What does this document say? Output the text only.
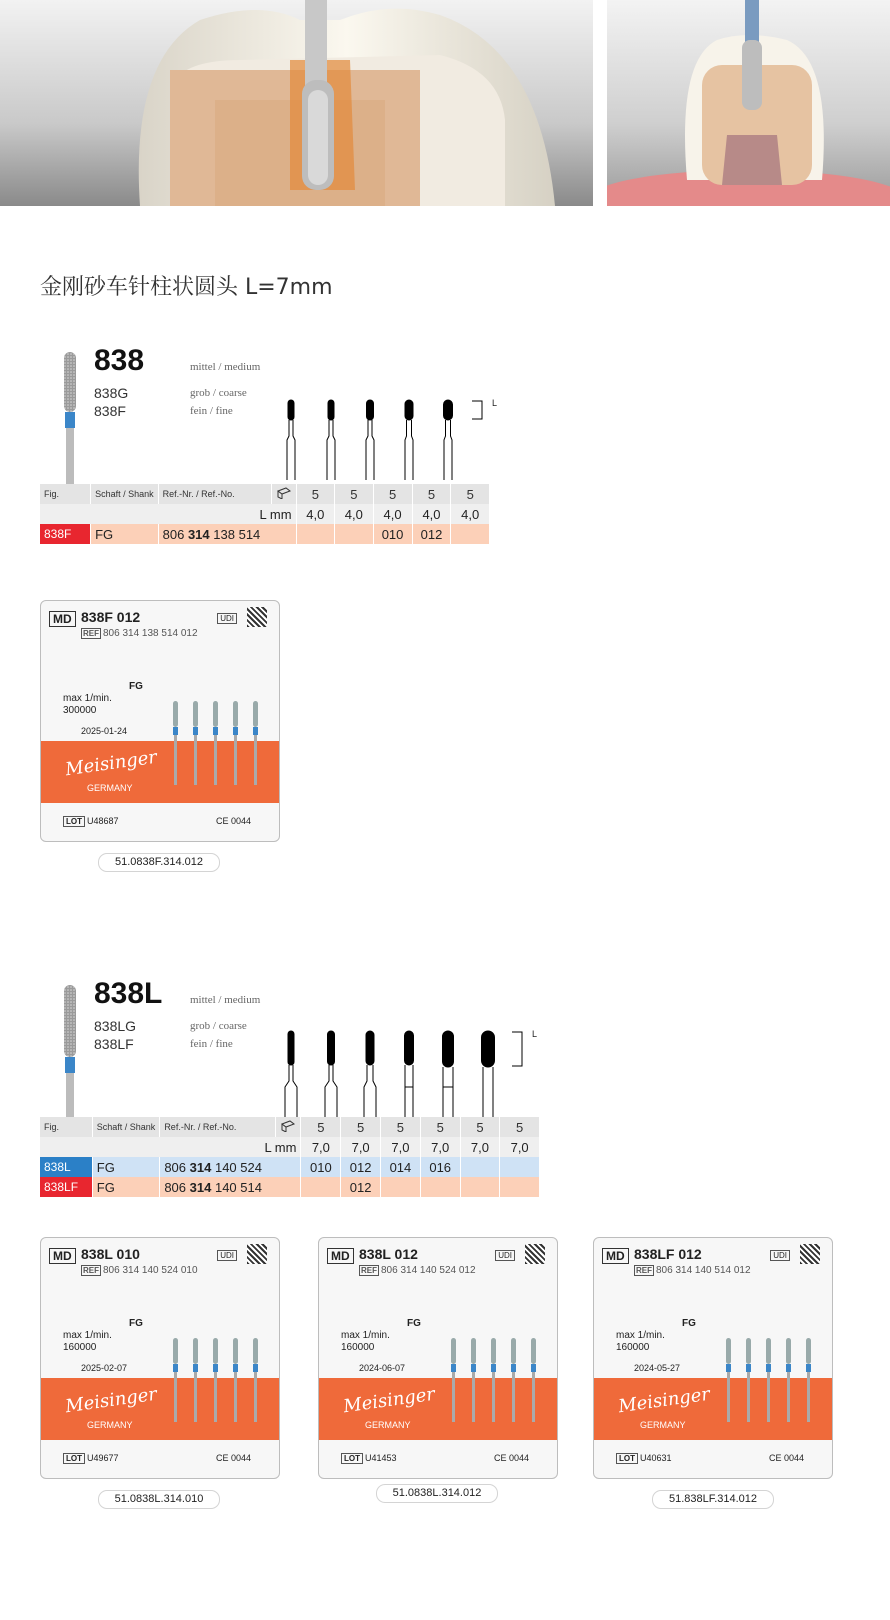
金刚砂车针柱状圆头 L=7mm
838	mittel / medium
838G	grob / coarse
838F	fein / fine
L
Fig.	Schaft / Shank	Ref.-Nr. / Ref.-No.		5	5	5	5	5
L mm				4,0	4,0	4,0	4,0	4,0
838F	FG	806 314 138 514				010	012	
838L	mittel / medium
838LG	grob / coarse
838LF	fein / fine
L
Fig.	Schaft / Shank	Ref.-Nr. / Ref.-No.		5	5	5	5	5	5
L mm				7,0	7,0	7,0	7,0	7,0	7,0
838L	FG	806 314 140 524		010	012	014	016		
838LF	FG	806 314 140 514			012				
MD 838F 012
REF 806 314 138 514 012
UDI
FG
max 1/min.
300000
2025-01-24
Meisinger
GERMANY
LOT U48687	CE 0044
51.0838F.314.012
MD 838L 010
REF 806 314 140 524 010
UDI
FG
max 1/min.
160000
2025-02-07
Meisinger
GERMANY
LOT U49677	CE 0044
51.0838L.314.010
MD 838L 012
REF 806 314 140 524 012
UDI
FG
max 1/min.
160000
2024-06-07
Meisinger
GERMANY
LOT U41453	CE 0044
51.0838L.314.012
MD 838LF 012
REF 806 314 140 514 012
UDI
FG
max 1/min.
160000
2024-05-27
Meisinger
GERMANY
LOT U40631	CE 0044
51.838LF.314.012
